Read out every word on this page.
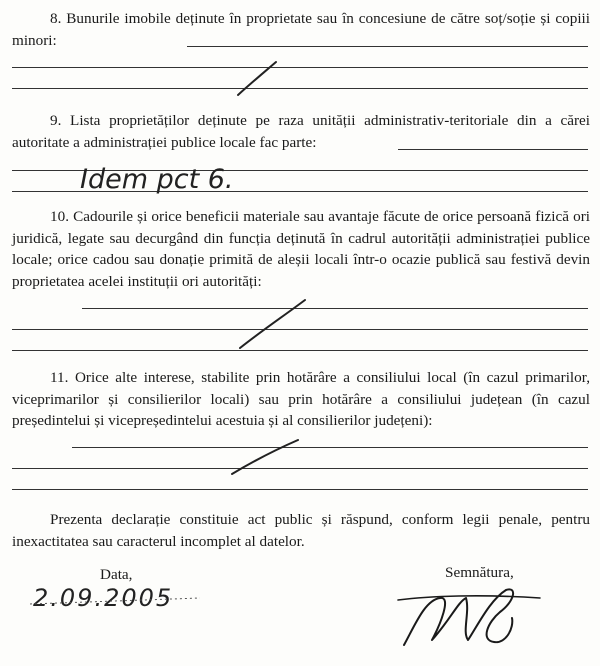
8. Bunurile imobile deținute în proprietate sau în concesiune de către soț/soție și copiii minori:
9. Lista proprietăților deținute pe raza unității administrativ-teritoriale din a cărei autoritate a administrației publice locale fac parte:
10. Cadourile și orice beneficii materiale sau avantaje făcute de orice persoană fizică ori juridică, legate sau decurgând din funcția deținută în cadrul autorității administrației publice locale; orice cadou sau donație primită de aleșii locali într-o ocazie publică sau festivă devin proprietatea acelei instituții ori autorități:
11. Orice alte interese, stabilite prin hotărâre a consiliului local (în cazul primarilor, viceprimarilor și consilierilor locali) sau prin hotărâre a consiliului județean (în cazul președintelui și vicepreședintelui acestuia și al consilierilor județeni):
Prezenta declarație constituie act public și răspund, conform legii penale, pentru inexactitatea sau caracterul incomplet al datelor.
Data,	Semnătura,
Idem pct 6.
2.09.2005
